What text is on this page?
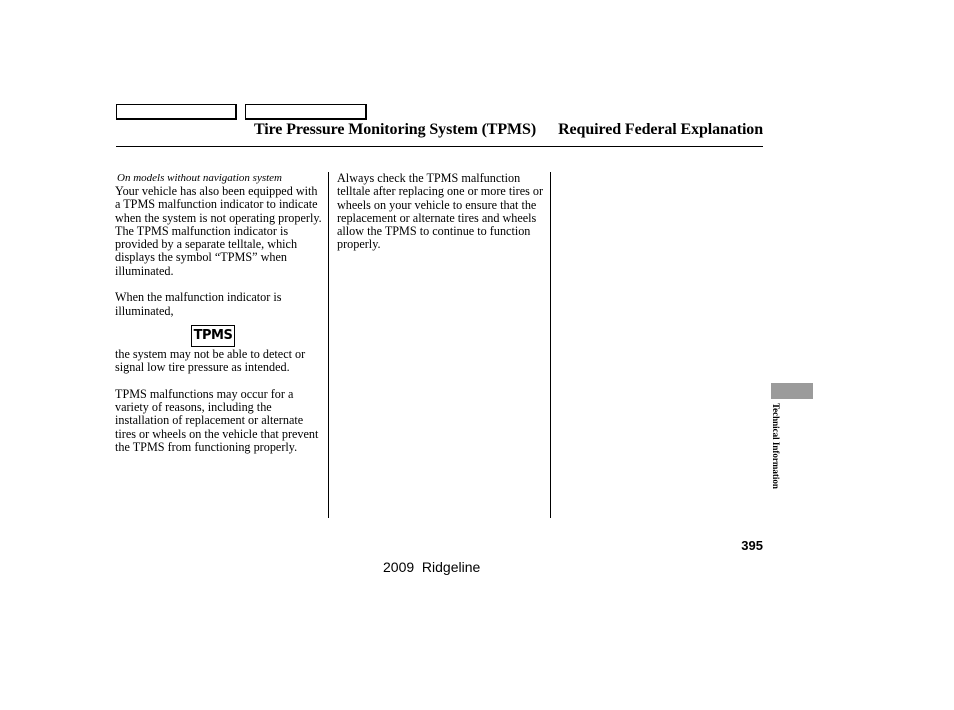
Tire Pressure Monitoring System (TPMS) Required Federal Explanation

On models without navigation system

Your vehicle has also been equipped with a TPMS malfunction indicator to indicate when the system is not operating properly. The TPMS malfunction indicator is provided by a separate telltale, which displays the symbol “TPMS” when illuminated.

When the malfunction indicator is illuminated,

TPMS

the system may not be able to detect or signal low tire pressure as intended.

TPMS malfunctions may occur for a variety of reasons, including the installation of replacement or alternate tires or wheels on the vehicle that prevent the TPMS from functioning properly.

Always check the TPMS malfunction telltale after replacing one or more tires or wheels on your vehicle to ensure that the replacement or alternate tires and wheels allow the TPMS to continue to function properly.

Technical Information
395
2009  Ridgeline
